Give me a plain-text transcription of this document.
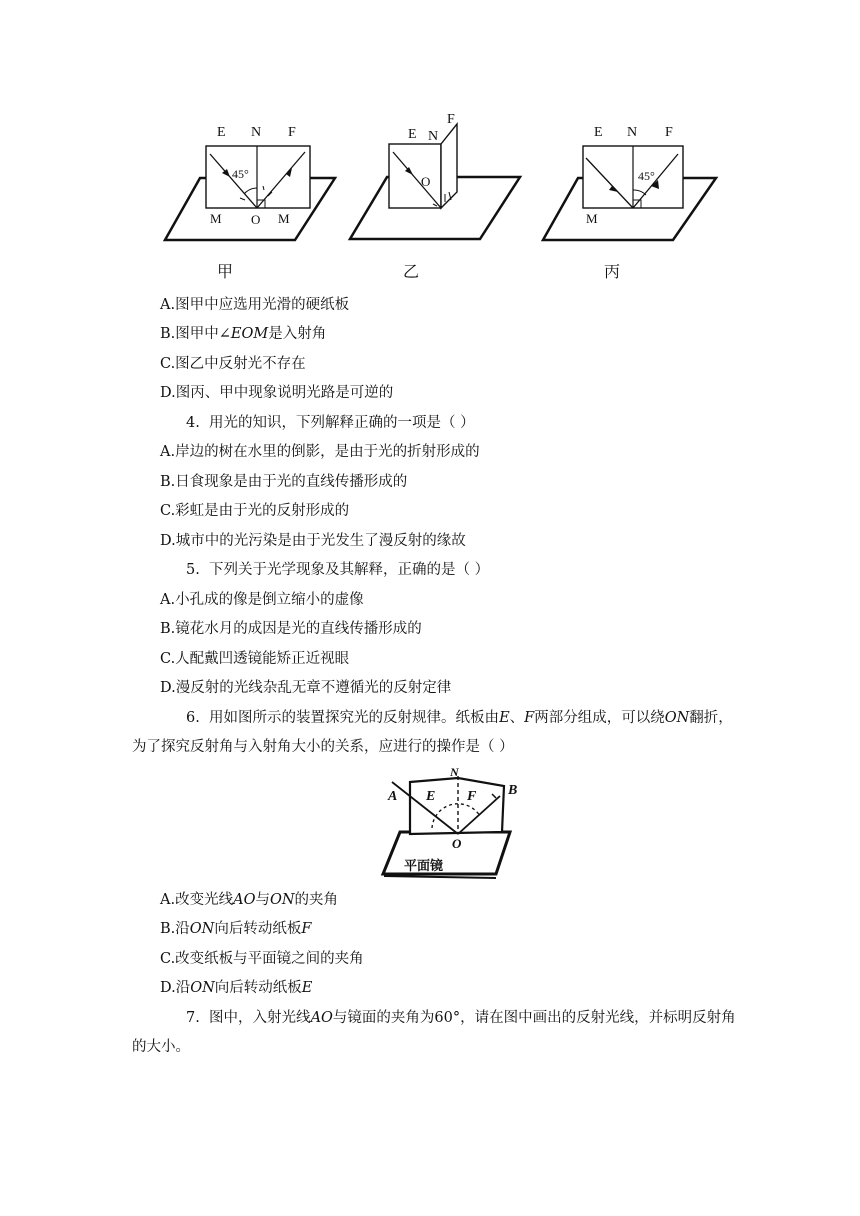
E N F
45°
O
M	M
甲
E N
F
O
乙
E N F
45°
M
丙
A.图甲中应选用光滑的硬纸板
B.图甲中∠EOM是入射角
C.图乙中反射光不存在
D.图丙、甲中现象说明光路是可逆的
4.  用光的知识，下列解释正确的一项是（ ）
A.岸边的树在水里的倒影，是由于光的折射形成的
B.日食现象是由于光的直线传播形成的
C.彩虹是由于光的反射形成的
D.城市中的光污染是由于光发生了漫反射的缘故
5.  下列关于光学现象及其解释，正确的是（ ）
A.小孔成的像是倒立缩小的虚像
B.镜花水月的成因是光的直线传播形成的
C.人配戴凹透镜能矫正近视眼
D.漫反射的光线杂乱无章不遵循光的反射定律
6.  用如图所示的装置探究光的反射规律。纸板由E、F两部分组成，可以绕ON翻折，
为了探究反射角与入射角大小的关系，应进行的操作是（ ）
A
N
E F B
O
平面镜
A.改变光线AO与ON的夹角
B.沿ON向后转动纸板F
C.改变纸板与平面镜之间的夹角
D.沿ON向后转动纸板E
7.  图中，入射光线AO与镜面的夹角为60°，请在图中画出的反射光线，并标明反射角
的大小。
